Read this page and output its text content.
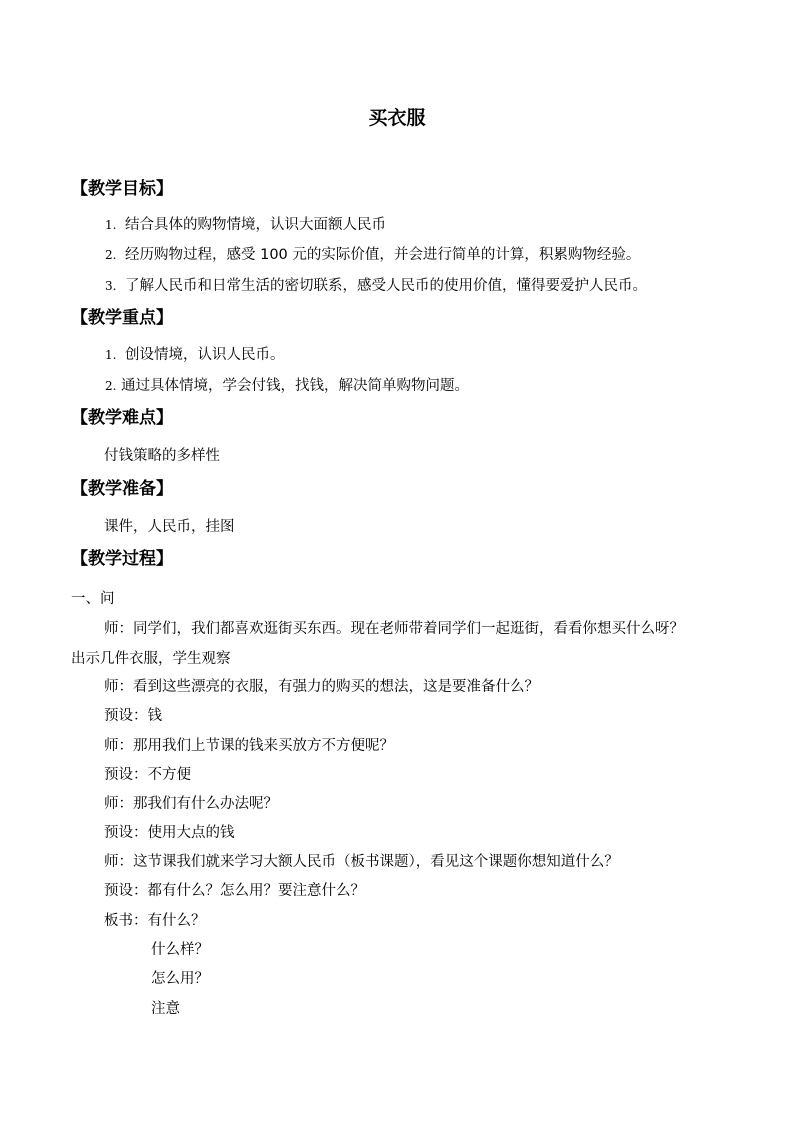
买衣服
【教学目标】
1. 结合具体的购物情境，认识大面额人民币
2. 经历购物过程，感受 100 元的实际价值，并会进行简单的计算，积累购物经验。
3. 了解人民币和日常生活的密切联系，感受人民币的使用价值，懂得要爱护人民币。
【教学重点】
1. 创设情境，认识人民币。
2. 通过具体情境，学会付钱，找钱，解决简单购物问题。
【教学难点】
付钱策略的多样性
【教学准备】
课件，人民币，挂图
【教学过程】
一、问
师：同学们，我们都喜欢逛街买东西。现在老师带着同学们一起逛街，看看你想买什么呀？
出示几件衣服，学生观察
师：看到这些漂亮的衣服，有强力的购买的想法，这是要准备什么？
预设：钱
师：那用我们上节课的钱来买放方不方便呢？
预设：不方便
师：那我们有什么办法呢？
预设：使用大点的钱
师：这节课我们就来学习大额人民币（板书课题），看见这个课题你想知道什么？
预设：都有什么？怎么用？要注意什么？
板书：有什么？
什么样？
怎么用？
注意
